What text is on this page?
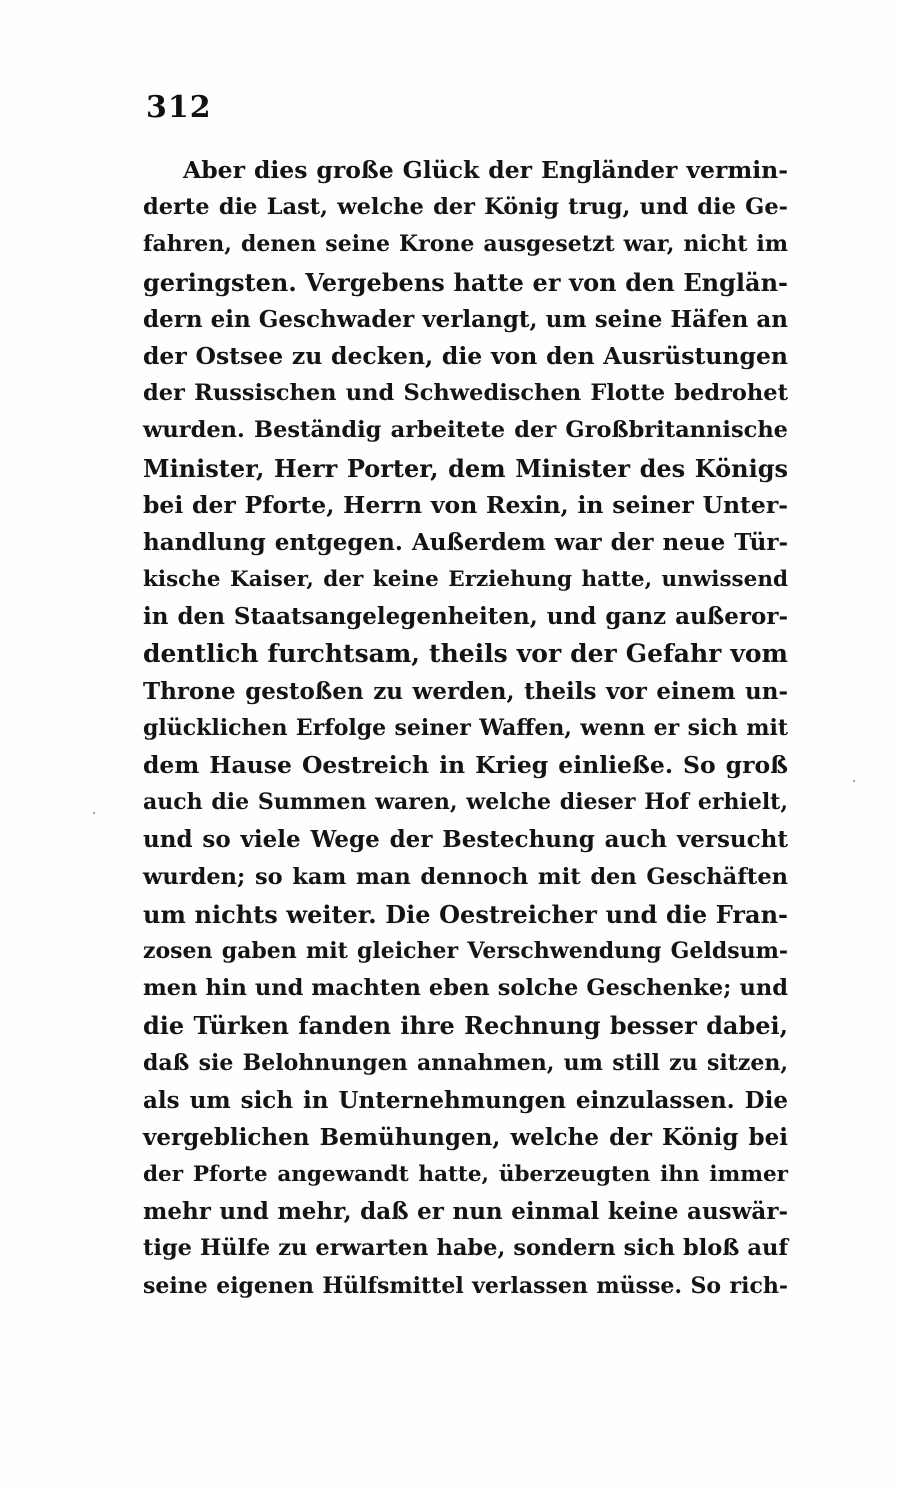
312
Aber dies große Glück der Engländer vermin-
derte die Last, welche der König trug, und die Ge-
fahren, denen seine Krone ausgesetzt war, nicht im
geringsten. Vergebens hatte er von den Englän-
dern ein Geschwader verlangt, um seine Häfen an
der Ostsee zu decken, die von den Ausrüstungen
der Russischen und Schwedischen Flotte bedrohet
wurden. Beständig arbeitete der Großbritannische
Minister, Herr Porter, dem Minister des Königs
bei der Pforte, Herrn von Rexin, in seiner Unter-
handlung entgegen. Außerdem war der neue Tür-
kische Kaiser, der keine Erziehung hatte, unwissend
in den Staatsangelegenheiten, und ganz außeror-
dentlich furchtsam, theils vor der Gefahr vom
Throne gestoßen zu werden, theils vor einem un-
glücklichen Erfolge seiner Waffen, wenn er sich mit
dem Hause Oestreich in Krieg einließe. So groß
auch die Summen waren, welche dieser Hof erhielt,
und so viele Wege der Bestechung auch versucht
wurden; so kam man dennoch mit den Geschäften
um nichts weiter. Die Oestreicher und die Fran-
zosen gaben mit gleicher Verschwendung Geldsum-
men hin und machten eben solche Geschenke; und
die Türken fanden ihre Rechnung besser dabei,
daß sie Belohnungen annahmen, um still zu sitzen,
als um sich in Unternehmungen einzulassen. Die
vergeblichen Bemühungen, welche der König bei
der Pforte angewandt hatte, überzeugten ihn immer
mehr und mehr, daß er nun einmal keine auswär-
tige Hülfe zu erwarten habe, sondern sich bloß auf
seine eigenen Hülfsmittel verlassen müsse. So rich-
